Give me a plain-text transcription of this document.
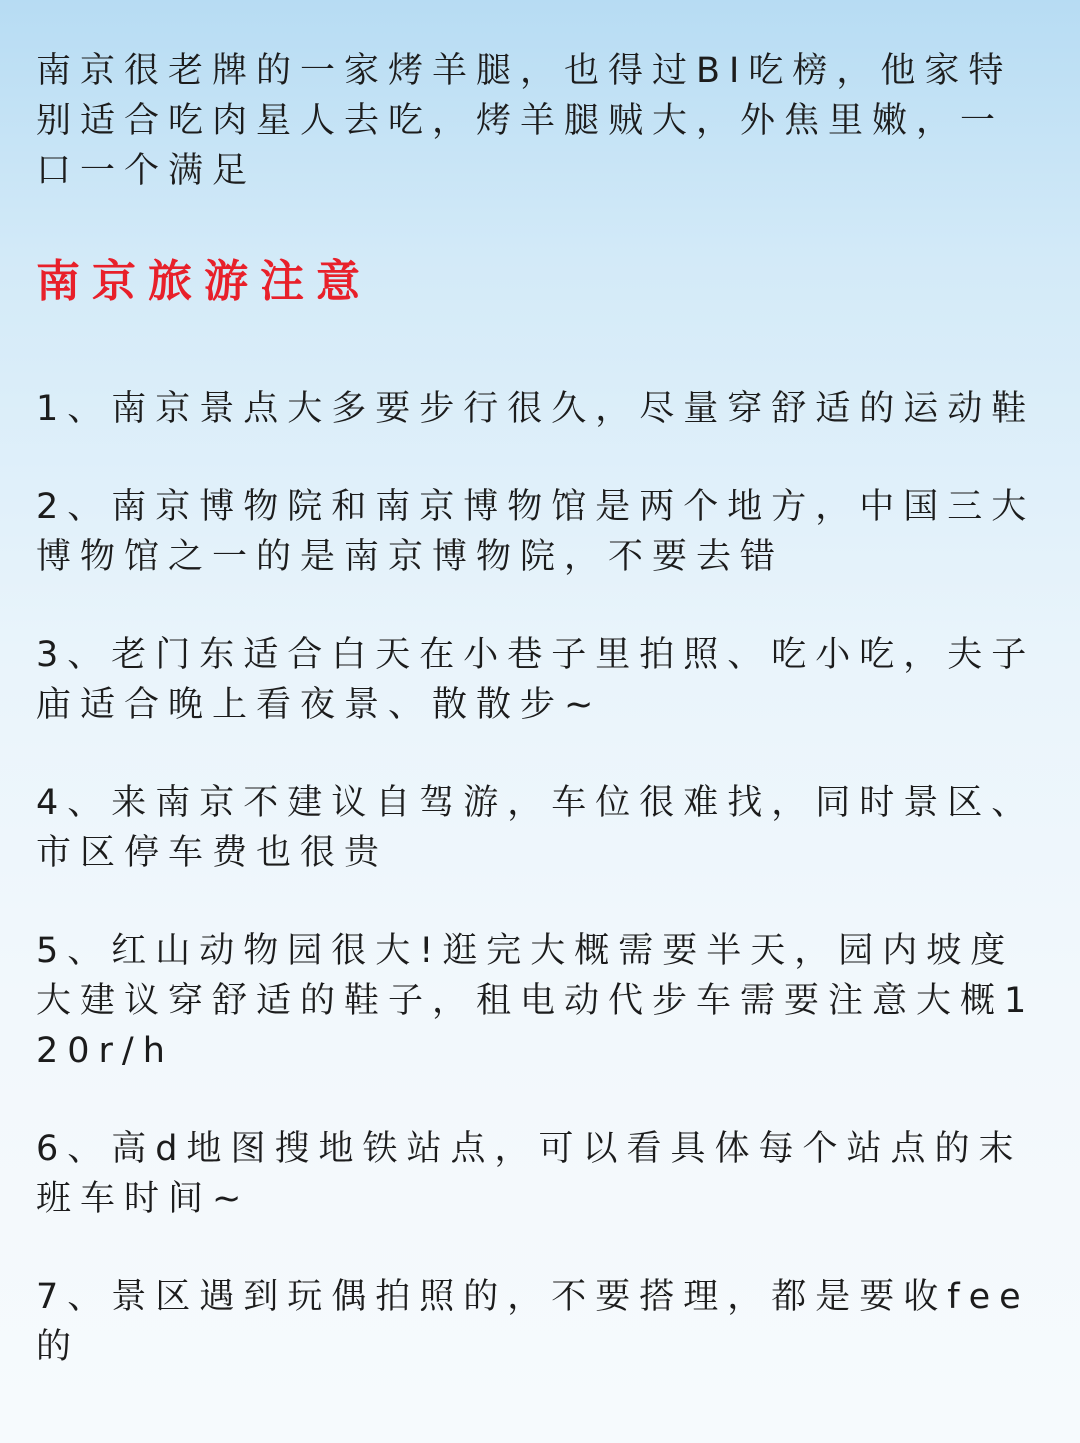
南京很老牌的一家烤羊腿，也得过BI吃榜，他家特别适合吃肉星人去吃，烤羊腿贼大，外焦里嫩，一口一个满足

南京旅游注意
1、南京景点大多要步行很久，尽量穿舒适的运动鞋
2、南京博物院和南京博物馆是两个地方，中国三大博物馆之一的是南京博物院，不要去错
3、老门东适合白天在小巷子里拍照、吃小吃，夫子庙适合晚上看夜景、散散步~
4、来南京不建议自驾游，车位很难找，同时景区、市区停车费也很贵
5、红山动物园很大!逛完大概需要半天，园内坡度大建议穿舒适的鞋子，租电动代步车需要注意大概120r/h
6、高d地图搜地铁站点，可以看具体每个站点的末班车时间~
7、景区遇到玩偶拍照的，不要搭理，都是要收fee的
